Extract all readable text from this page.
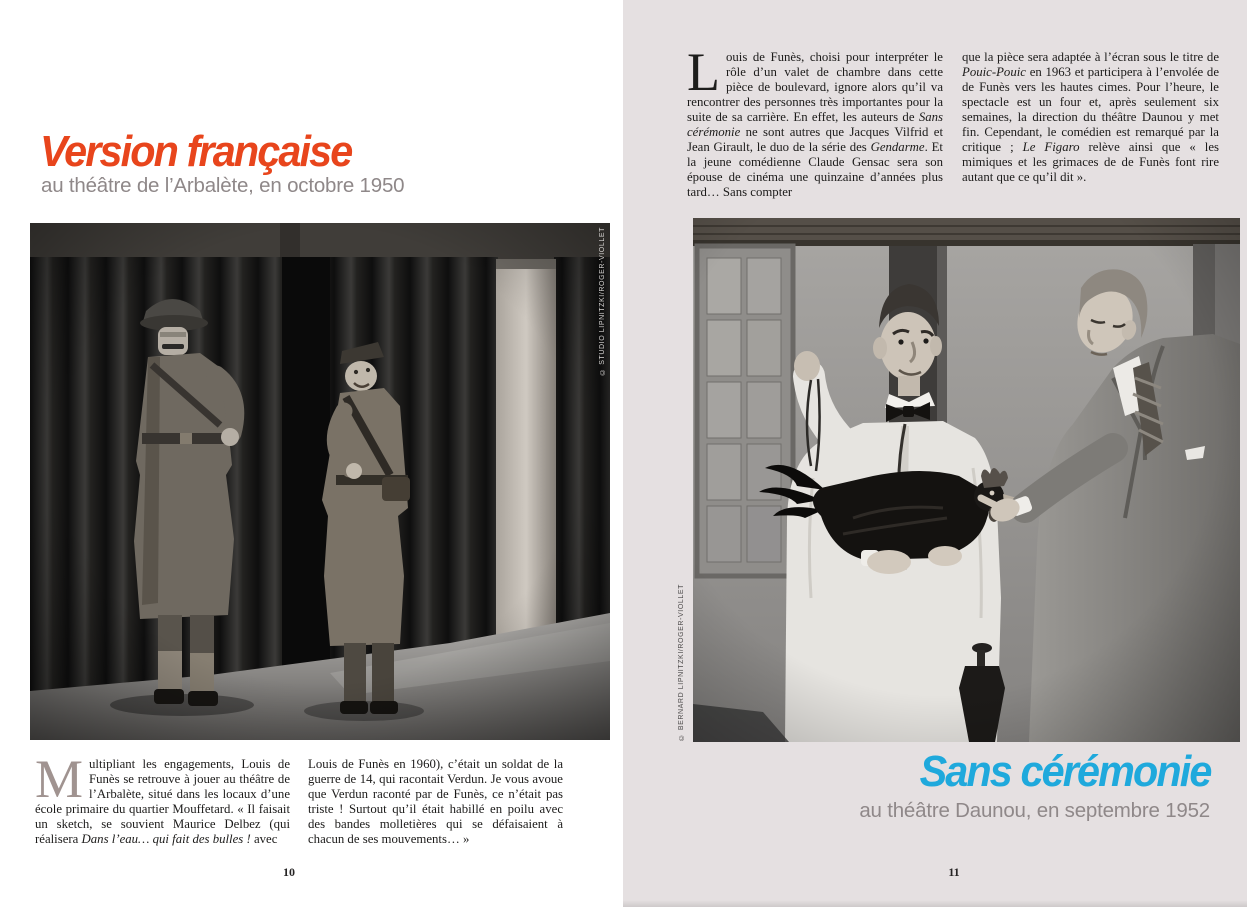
Version française
au théâtre de l’Arbalète, en octobre 1950
© STUDIO LIPNITZKI/ROGER-VIOLLET

Multipliant les engagements, Louis de Funès se retrouve à jouer au théâtre de l’Arbalète, situé dans les locaux d’une école primaire du quartier Mouffetard. « Il faisait un sketch, se souvient Maurice Delbez (qui réalisera Dans l’eau… qui fait des bulles ! avec

Louis de Funès en 1960), c’était un soldat de la guerre de 14, qui racontait Verdun. Je vous avoue que Verdun raconté par de Funès, ce n’était pas triste ! Surtout qu’il était habillé en poilu avec des bandes molletières qui se défaisaient à chacun de ses mouvements… »

10

Louis de Funès, choisi pour interpréter le rôle d’un valet de chambre dans cette pièce de boulevard, ignore alors qu’il va rencontrer des personnes très importantes pour la suite de sa carrière. En effet, les auteurs de Sans cérémonie ne sont autres que Jacques Vilfrid et Jean Girault, le duo de la série des Gendarme. Et la jeune comédienne Claude Gensac sera son épouse de cinéma une quinzaine d’années plus tard… Sans compter

que la pièce sera adaptée à l’écran sous le titre de Pouic-Pouic en 1963 et participera à l’envolée de de Funès vers les hautes cimes. Pour l’heure, le spectacle est un four et, après seulement six semaines, la direction du théâtre Daunou y met fin. Cependant, le comédien est remarqué par la critique ; Le Figaro relève ainsi que « les mimiques et les grimaces de de Funès font rire autant que ce qu’il dit ».

© BERNARD LIPNITZKI/ROGER-VIOLLET
Sans cérémonie
au théâtre Daunou, en septembre 1952
11
